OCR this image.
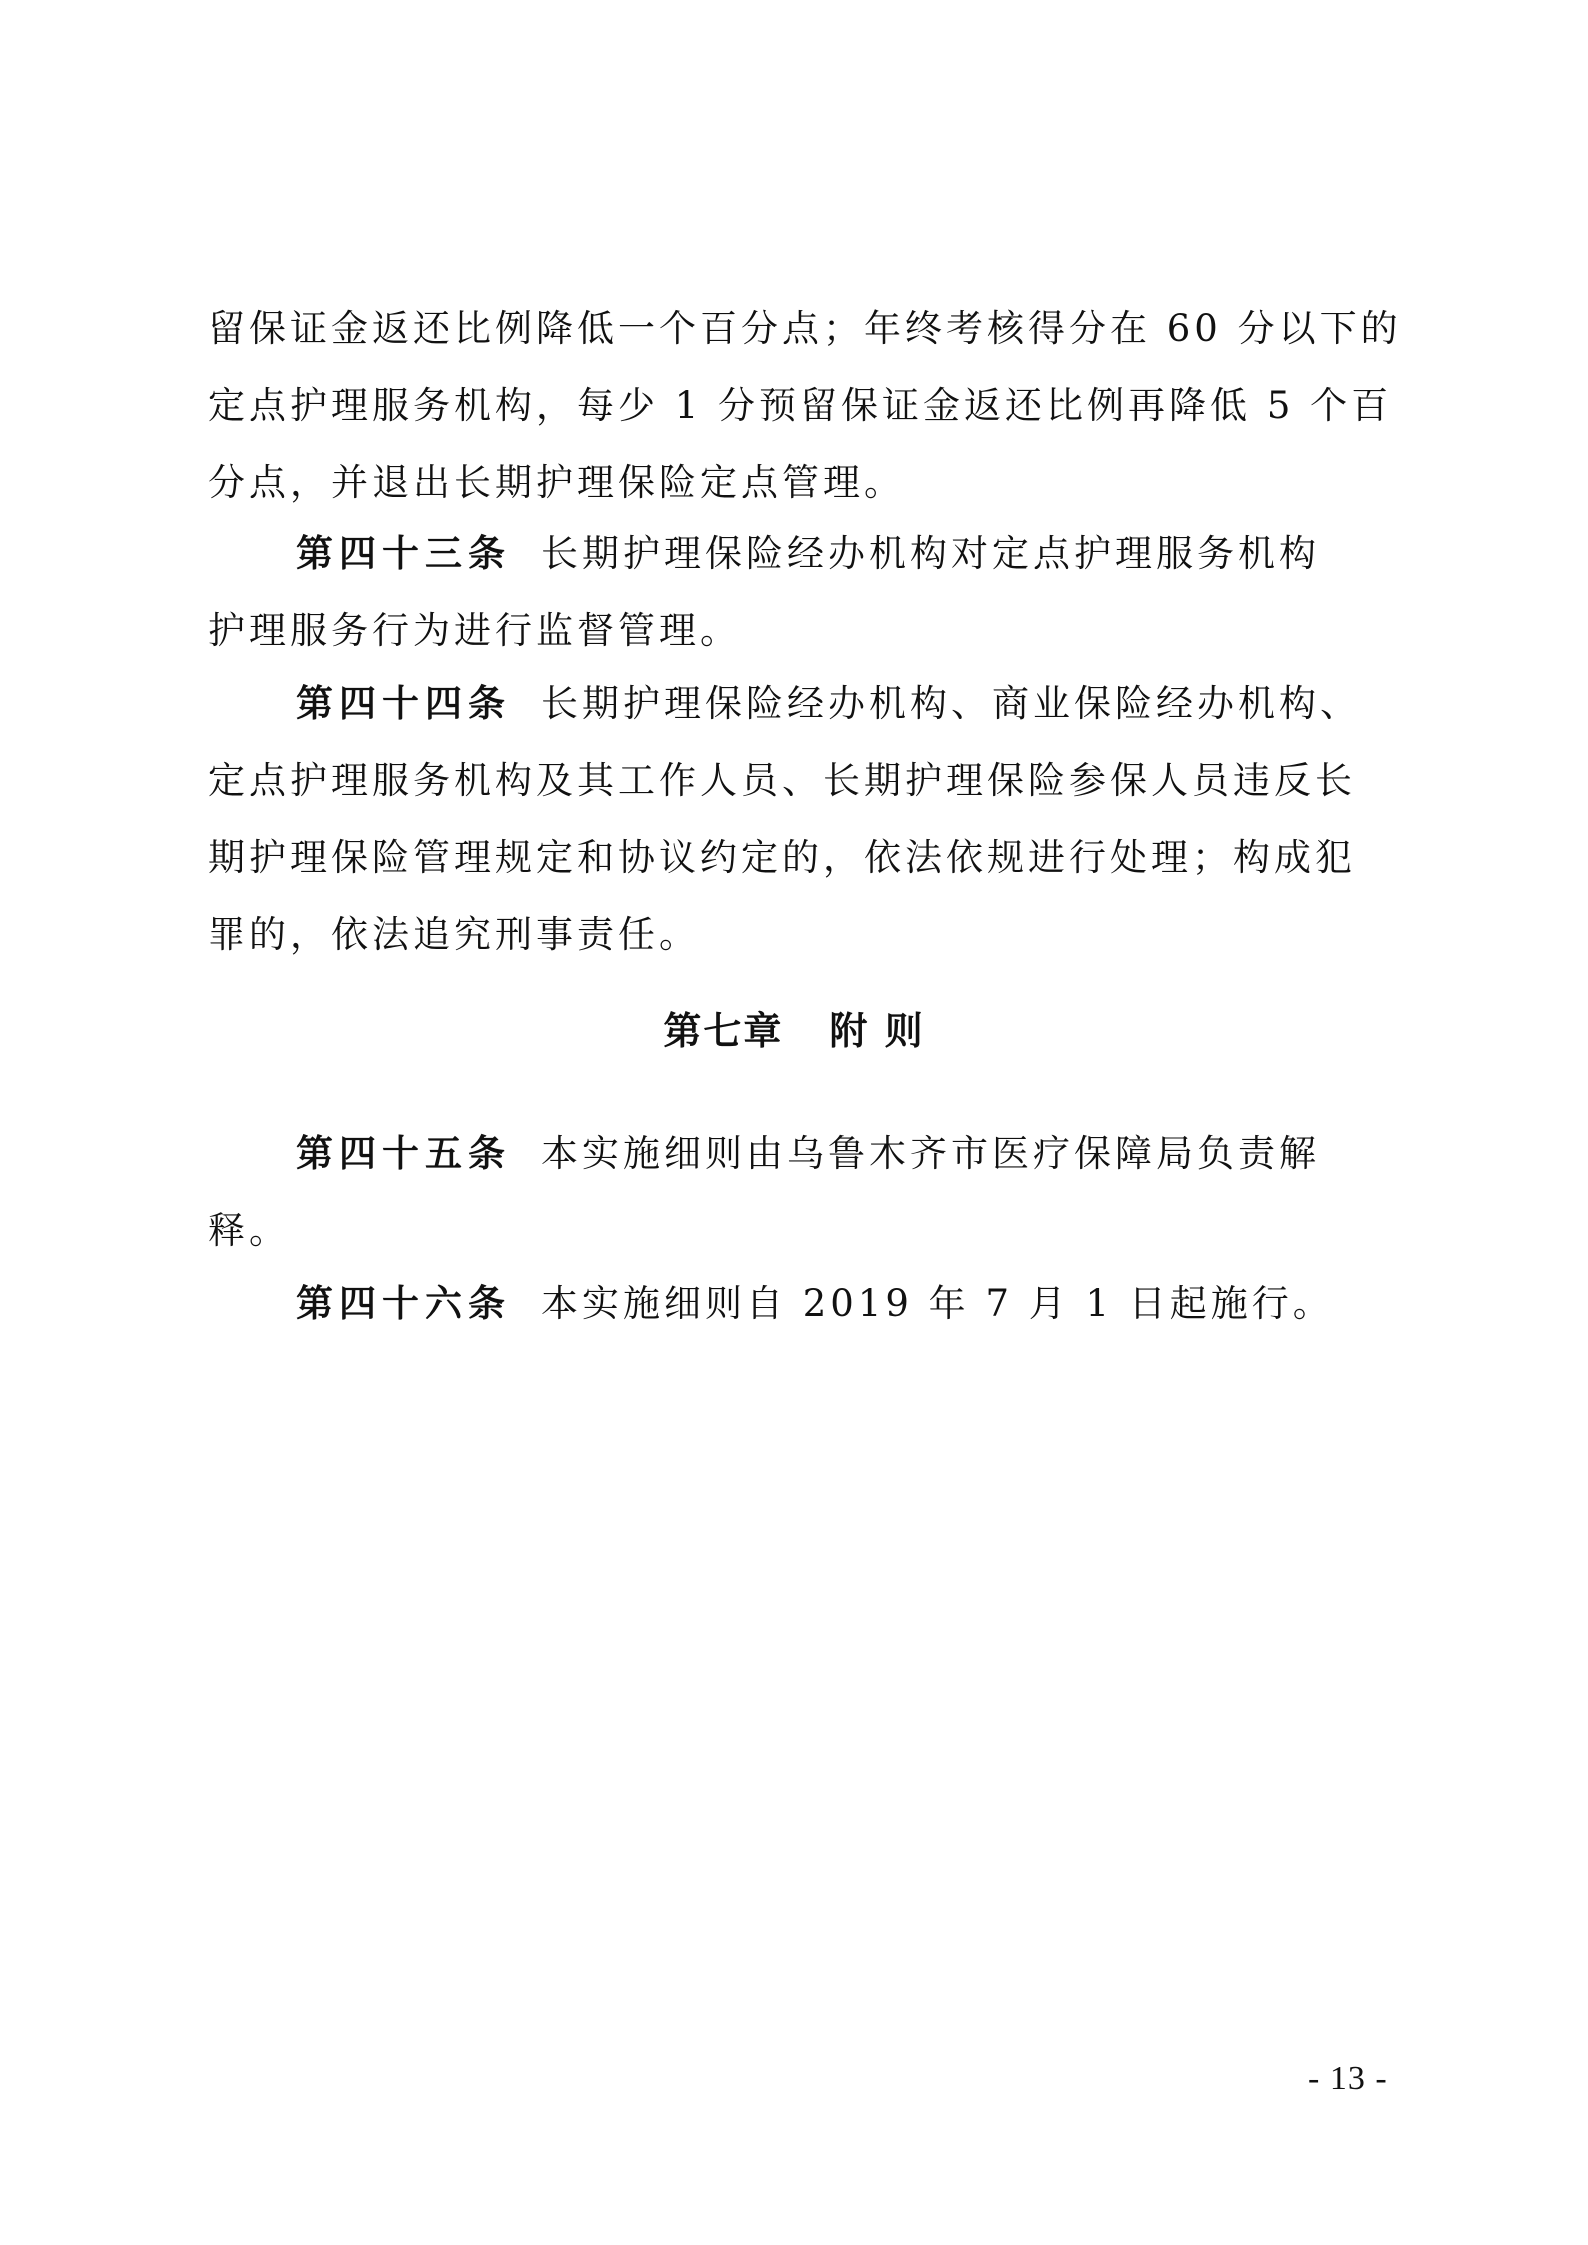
留保证金返还比例降低一个百分点；年终考核得分在 60 分以下的
定点护理服务机构，每少 1 分预留保证金返还比例再降低 5 个百
分点，并退出长期护理保险定点管理。
第四十三条 长期护理保险经办机构对定点护理服务机构
护理服务行为进行监督管理。
第四十四条 长期护理保险经办机构、商业保险经办机构、
定点护理服务机构及其工作人员、长期护理保险参保人员违反长
期护理保险管理规定和协议约定的，依法依规进行处理；构成犯
罪的，依法追究刑事责任。
第七章 附 则
第四十五条 本实施细则由乌鲁木齐市医疗保障局负责解
释。
第四十六条 本实施细则自 2019 年 7 月 1 日起施行。
- 13 -
